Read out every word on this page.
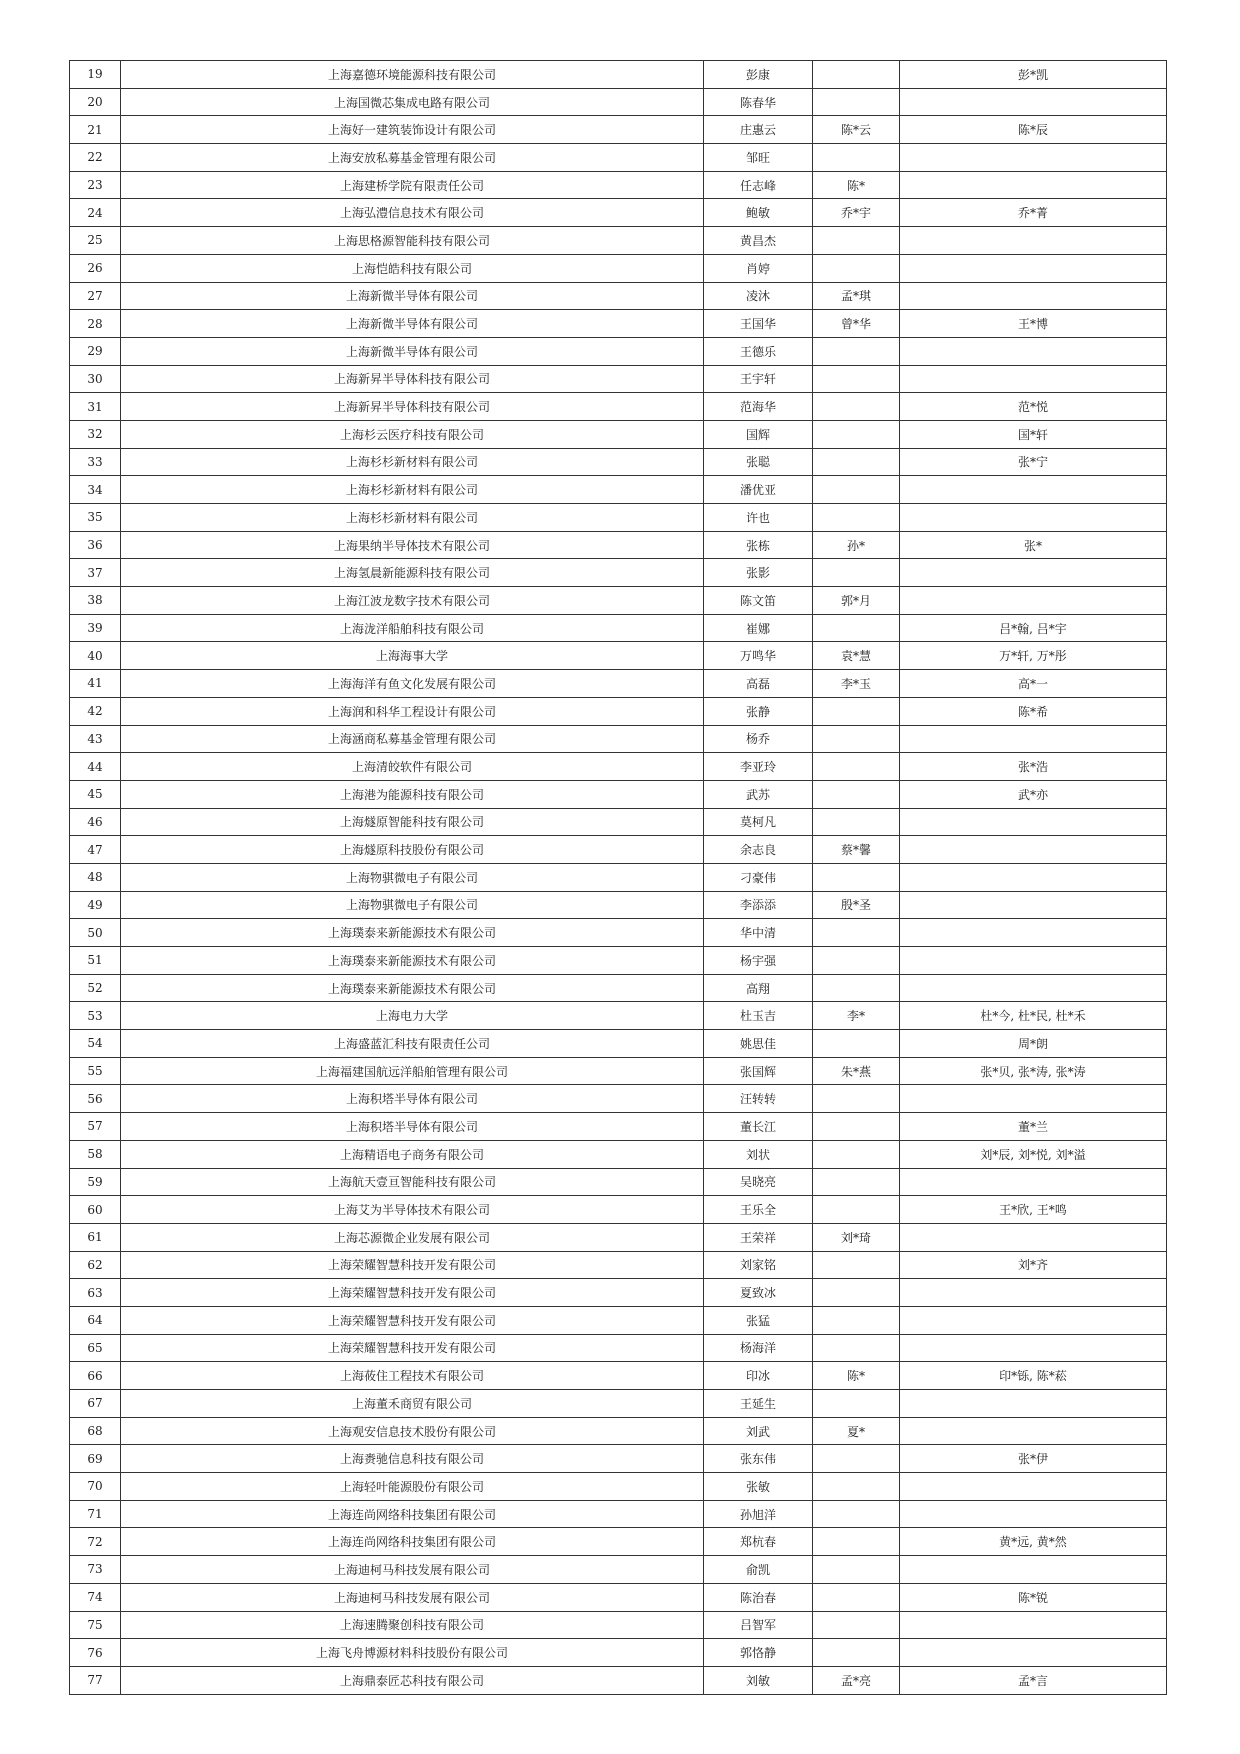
19	上海嘉德环境能源科技有限公司	彭康		彭*凯
20	上海国微芯集成电路有限公司	陈春华		
21	上海好一建筑装饰设计有限公司	庄惠云	陈*云	陈*辰
22	上海安放私募基金管理有限公司	邹旺		
23	上海建桥学院有限责任公司	任志峰	陈*	
24	上海弘澧信息技术有限公司	鲍敏	乔*宇	乔*菁
25	上海思格源智能科技有限公司	黄昌杰		
26	上海恺皓科技有限公司	肖婷		
27	上海新微半导体有限公司	凌沐	孟*琪	
28	上海新微半导体有限公司	王国华	曾*华	王*博
29	上海新微半导体有限公司	王德乐		
30	上海新昇半导体科技有限公司	王宇轩		
31	上海新昇半导体科技有限公司	范海华		范*悦
32	上海杉云医疗科技有限公司	国辉		国*轩
33	上海杉杉新材料有限公司	张聪		张*宁
34	上海杉杉新材料有限公司	潘优亚		
35	上海杉杉新材料有限公司	许也		
36	上海果纳半导体技术有限公司	张栋	孙*	张*
37	上海氢晨新能源科技有限公司	张影		
38	上海江波龙数字技术有限公司	陈文笛	郭*月	
39	上海泷洋船舶科技有限公司	崔娜		吕*翰, 吕*宇
40	上海海事大学	万鸣华	袁*慧	万*轩, 万*彤
41	上海海洋有鱼文化发展有限公司	高磊	李*玉	高*一
42	上海润和科华工程设计有限公司	张静		陈*希
43	上海涵商私募基金管理有限公司	杨乔		
44	上海清皎软件有限公司	李亚玲		张*浩
45	上海港为能源科技有限公司	武苏		武*亦
46	上海燧原智能科技有限公司	莫柯凡		
47	上海燧原科技股份有限公司	余志良	蔡*馨	
48	上海物骐微电子有限公司	刁豪伟		
49	上海物骐微电子有限公司	李添添	殷*圣	
50	上海璞泰来新能源技术有限公司	华中清		
51	上海璞泰来新能源技术有限公司	杨宇强		
52	上海璞泰来新能源技术有限公司	高翔		
53	上海电力大学	杜玉吉	李*	杜*今, 杜*民, 杜*禾
54	上海盛蓝汇科技有限责任公司	姚思佳		周*朗
55	上海福建国航远洋船舶管理有限公司	张国辉	朱*燕	张*贝, 张*涛, 张*涛
56	上海积塔半导体有限公司	汪转转		
57	上海积塔半导体有限公司	董长江		董*兰
58	上海精语电子商务有限公司	刘状		刘*辰, 刘*悦, 刘*溢
59	上海航天壹亘智能科技有限公司	吴晓亮		
60	上海艾为半导体技术有限公司	王乐全		王*欣, 王*鸣
61	上海芯源微企业发展有限公司	王荣祥	刘*琦	
62	上海荣耀智慧科技开发有限公司	刘家铭		刘*齐
63	上海荣耀智慧科技开发有限公司	夏致冰		
64	上海荣耀智慧科技开发有限公司	张猛		
65	上海荣耀智慧科技开发有限公司	杨海洋		
66	上海莜住工程技术有限公司	印冰	陈*	印*铄, 陈*菘
67	上海董禾商贸有限公司	王延生		
68	上海观安信息技术股份有限公司	刘武	夏*	
69	上海赉驰信息科技有限公司	张东伟		张*伊
70	上海轻叶能源股份有限公司	张敏		
71	上海连尚网络科技集团有限公司	孙旭洋		
72	上海连尚网络科技集团有限公司	郑杭春		黄*远, 黄*然
73	上海迪柯马科技发展有限公司	俞凯		
74	上海迪柯马科技发展有限公司	陈治春		陈*锐
75	上海速腾聚创科技有限公司	吕智军		
76	上海飞舟博源材料科技股份有限公司	郭恪静		
77	上海鼎泰匠芯科技有限公司	刘敏	孟*亮	孟*言
